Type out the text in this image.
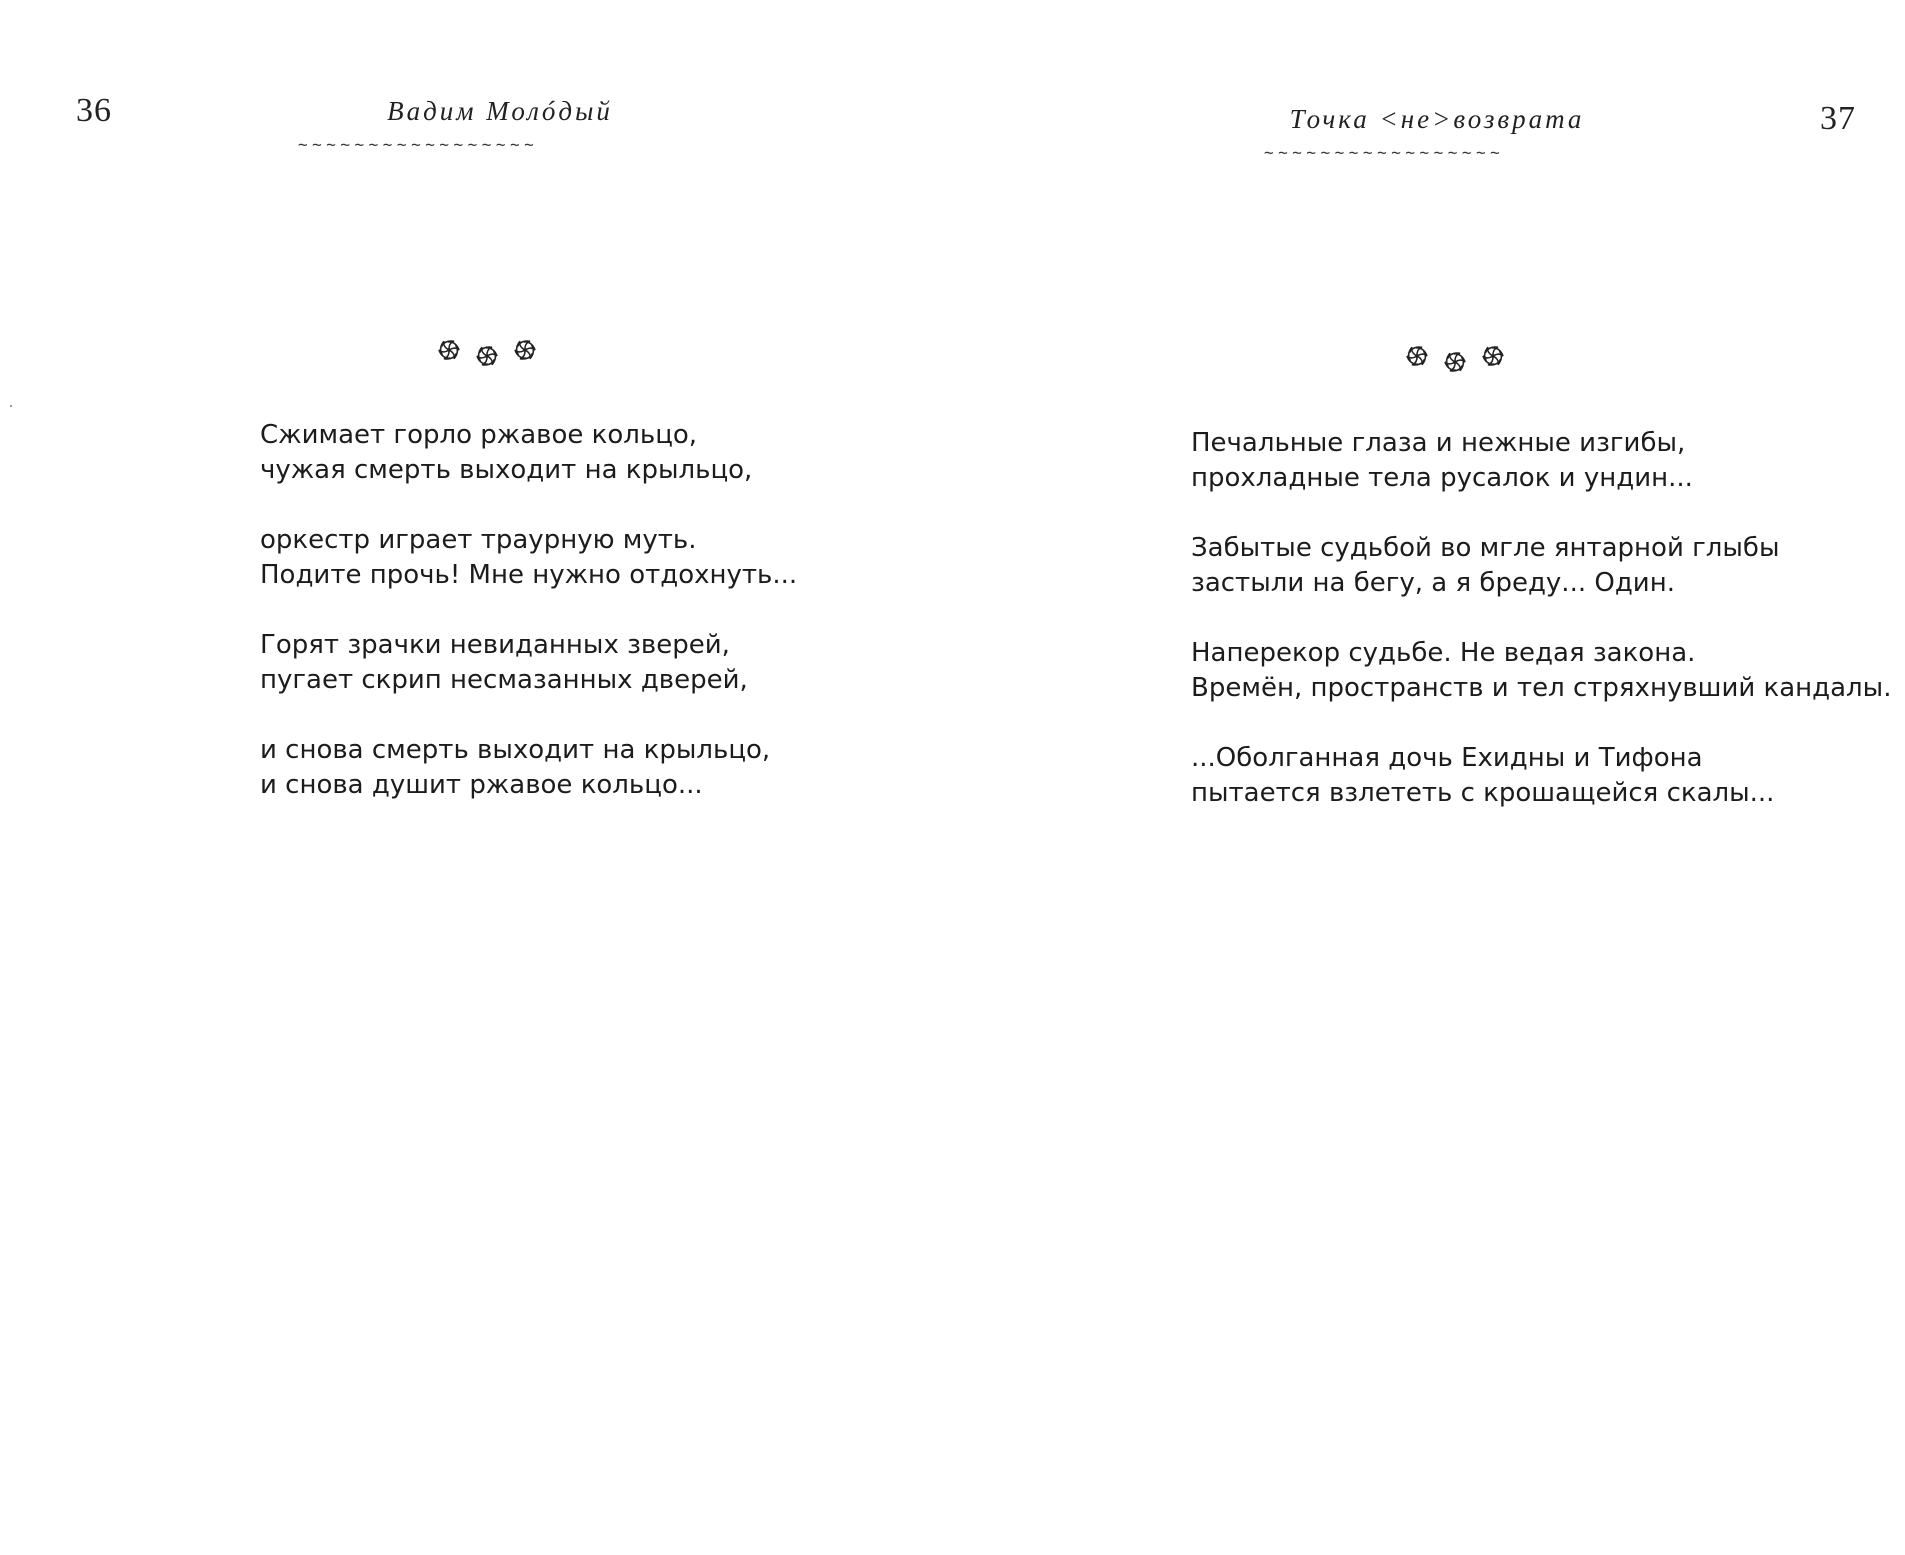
36	Вадим Молóдый
~~~~~~~~~~~~~~~~~
Сжимает горло ржавое кольцо,
чужая смерть выходит на крыльцо,
оркестр играет траурную муть.
Подите прочь! Мне нужно отдохнуть...
Горят зрачки невиданных зверей,
пугает скрип несмазанных дверей,
и снова смерть выходит на крыльцо,
и снова душит ржавое кольцо...
37
Точка <не>возврата
~~~~~~~~~~~~~~~~~
Печальные глаза и нежные изгибы,
прохладные тела русалок и ундин...
Забытые судьбой во мгле янтарной глыбы
застыли на бегу, а я бреду... Один.
Наперекор судьбе. Не ведая закона.
Времён, пространств и тел стряхнувший кандалы.
...Оболганная дочь Ехидны и Тифона
пытается взлететь с крошащейся скалы...
